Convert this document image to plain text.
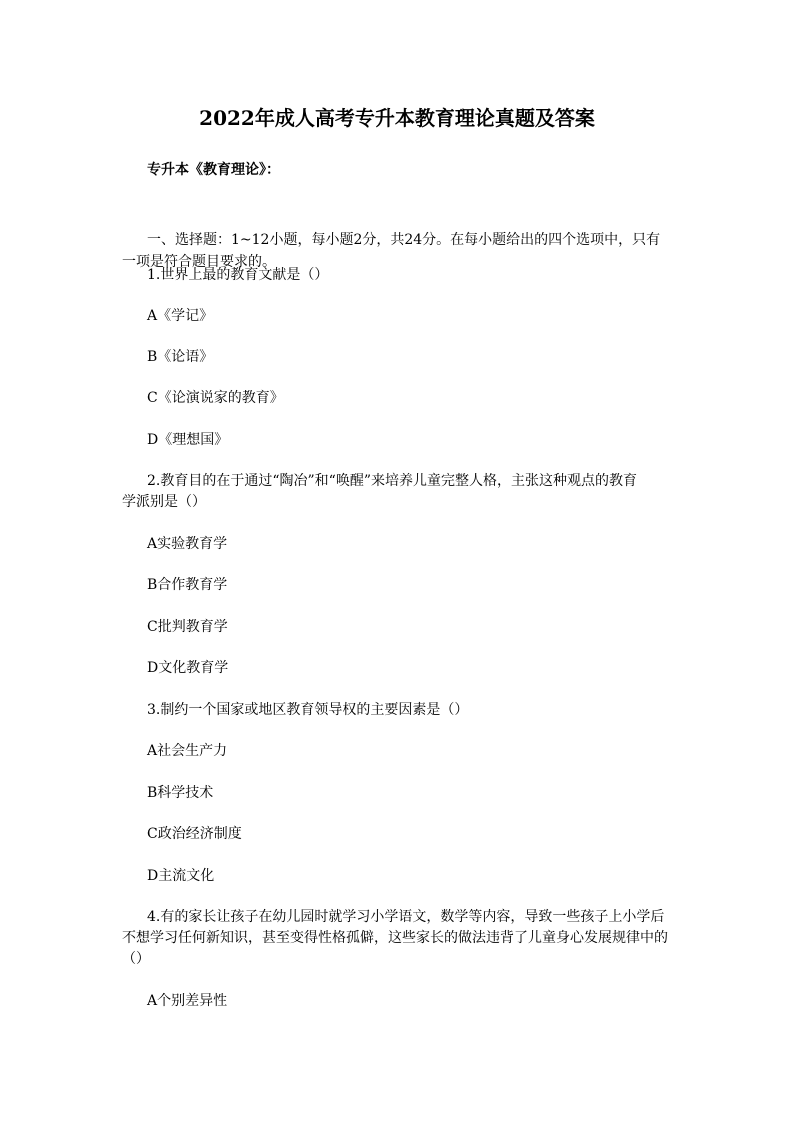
2022年成人高考专升本教育理论真题及答案
专升本《教育理论》：
一、选择题：1~12小题，每小题2分，共24分。在每小题给出的四个选项中，只有
一项是符合题目要求的。
1.世界上最的教育文献是（）
A《学记》
B《论语》
C《论演说家的教育》
D《理想国》
2.教育目的在于通过“陶冶”和“唤醒”来培养儿童完整人格，主张这种观点的教育
学派别是（）
A实验教育学
B合作教育学
C批判教育学
D文化教育学
3.制约一个国家或地区教育领导权的主要因素是（）
A社会生产力
B科学技术
C政治经济制度
D主流文化
4.有的家长让孩子在幼儿园时就学习小学语文，数学等内容，导致一些孩子上小学后
不想学习任何新知识，甚至变得性格孤僻，这些家长的做法违背了儿童身心发展规律中的
（）
A个别差异性
